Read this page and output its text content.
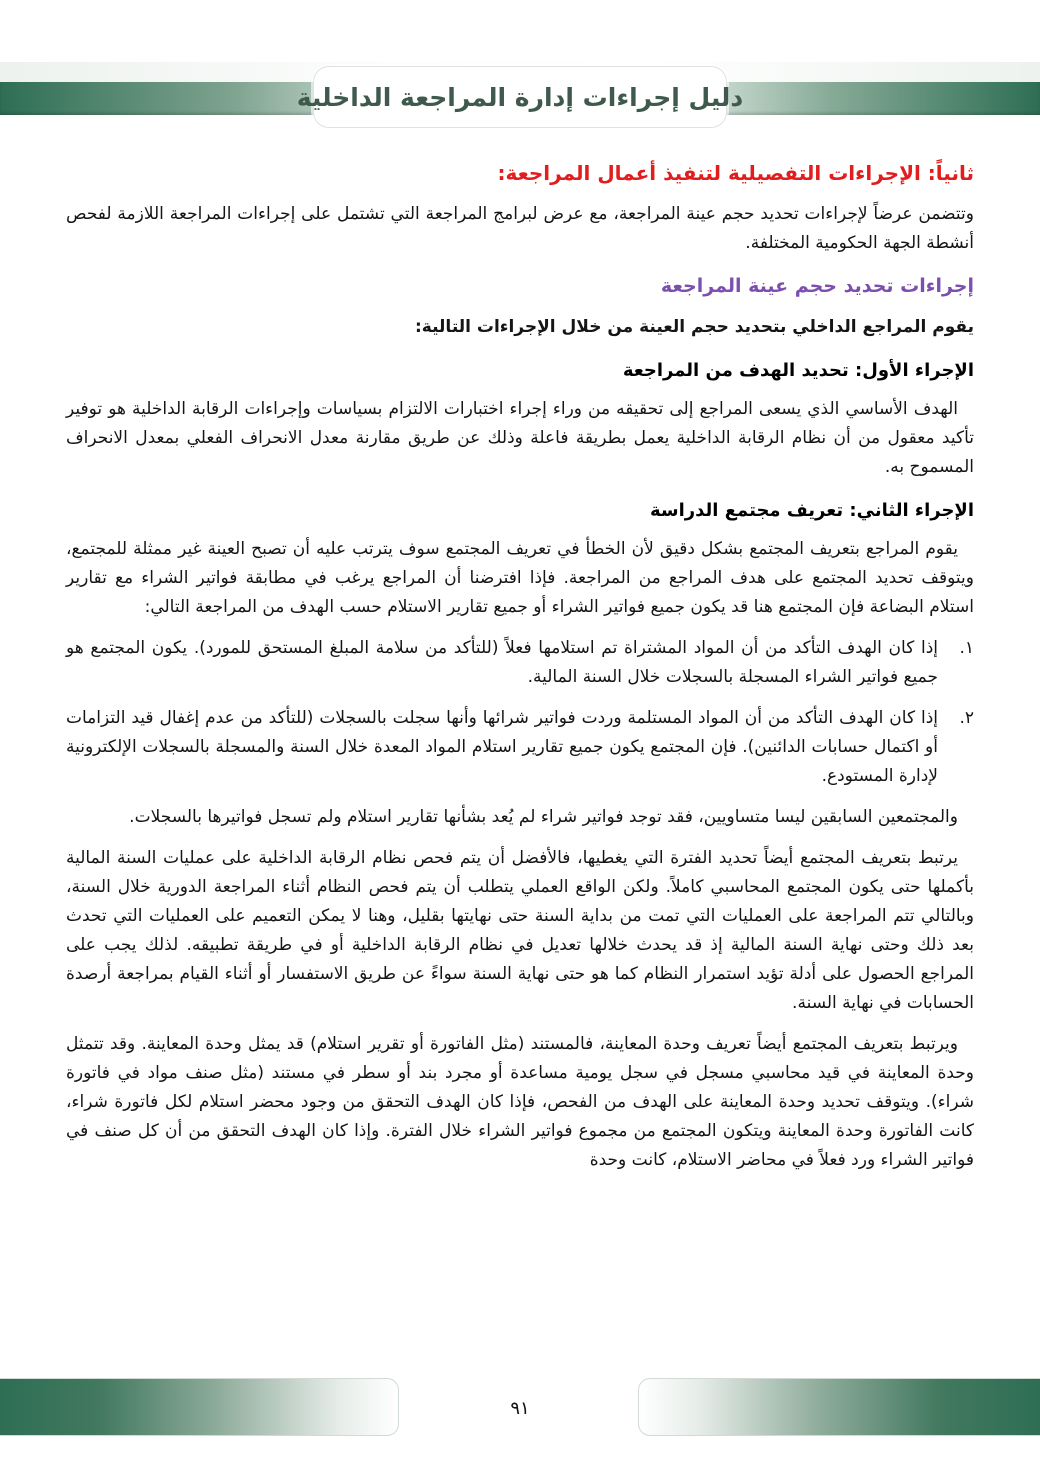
دليل إجراءات إدارة المراجعة الداخلية
ثانياً: الإجراءات التفصيلية لتنفيذ أعمال المراجعة:

وتتضمن عرضاً لإجراءات تحديد حجم عينة المراجعة، مع عرض لبرامج المراجعة التي تشتمل على إجراءات المراجعة اللازمة لفحص أنشطة الجهة الحكومية المختلفة.

إجراءات تحديد حجم عينة المراجعة

يقوم المراجع الداخلي بتحديد حجم العينة من خلال الإجراءات التالية:

الإجراء الأول: تحديد الهدف من المراجعة

الهدف الأساسي الذي يسعى المراجع إلى تحقيقه من وراء إجراء اختبارات الالتزام بسياسات وإجراءات الرقابة الداخلية هو توفير تأكيد معقول من أن نظام الرقابة الداخلية يعمل بطريقة فاعلة وذلك عن طريق مقارنة معدل الانحراف الفعلي بمعدل الانحراف المسموح به.

الإجراء الثاني: تعريف مجتمع الدراسة

يقوم المراجع بتعريف المجتمع بشكل دقيق لأن الخطأ في تعريف المجتمع سوف يترتب عليه أن تصبح العينة غير ممثلة للمجتمع، ويتوقف تحديد المجتمع على هدف المراجع من المراجعة. فإذا افترضنا أن المراجع يرغب في مطابقة فواتير الشراء مع تقارير استلام البضاعة فإن المجتمع هنا قد يكون جميع فواتير الشراء أو جميع تقارير الاستلام حسب الهدف من المراجعة التالي:

١.
إذا كان الهدف التأكد من أن المواد المشتراة تم استلامها فعلاً (للتأكد من سلامة المبلغ المستحق للمورد). يكون المجتمع هو جميع فواتير الشراء المسجلة بالسجلات خلال السنة المالية.
٢.
إذا كان الهدف التأكد من أن المواد المستلمة وردت فواتير شرائها وأنها سجلت بالسجلات (للتأكد من عدم إغفال قيد التزامات أو اكتمال حسابات الدائنين). فإن المجتمع يكون جميع تقارير استلام المواد المعدة خلال السنة والمسجلة بالسجلات الإلكترونية لإدارة المستودع.

والمجتمعين السابقين ليسا متساويين، فقد توجد فواتير شراء لم يُعد بشأنها تقارير استلام ولم تسجل فواتيرها بالسجلات.

يرتبط بتعريف المجتمع أيضاً تحديد الفترة التي يغطيها، فالأفضل أن يتم فحص نظام الرقابة الداخلية على عمليات السنة المالية بأكملها حتى يكون المجتمع المحاسبي كاملاً. ولكن الواقع العملي يتطلب أن يتم فحص النظام أثناء المراجعة الدورية خلال السنة، وبالتالي تتم المراجعة على العمليات التي تمت من بداية السنة حتى نهايتها بقليل، وهنا لا يمكن التعميم على العمليات التي تحدث بعد ذلك وحتى نهاية السنة المالية إذ قد يحدث خلالها تعديل في نظام الرقابة الداخلية أو في طريقة تطبيقه. لذلك يجب على المراجع الحصول على أدلة تؤيد استمرار النظام كما هو حتى نهاية السنة سواءً عن طريق الاستفسار أو أثناء القيام بمراجعة أرصدة الحسابات في نهاية السنة.

ويرتبط بتعريف المجتمع أيضاً تعريف وحدة المعاينة، فالمستند (مثل الفاتورة أو تقرير استلام) قد يمثل وحدة المعاينة. وقد تتمثل وحدة المعاينة في قيد محاسبي مسجل في سجل يومية مساعدة أو مجرد بند أو سطر في مستند (مثل صنف مواد في فاتورة شراء). ويتوقف تحديد وحدة المعاينة على الهدف من الفحص، فإذا كان الهدف التحقق من وجود محضر استلام لكل فاتورة شراء، كانت الفاتورة وحدة المعاينة ويتكون المجتمع من مجموع فواتير الشراء خلال الفترة. وإذا كان الهدف التحقق من أن كل صنف في فواتير الشراء ورد فعلاً في محاضر الاستلام، كانت وحدة

٩١
